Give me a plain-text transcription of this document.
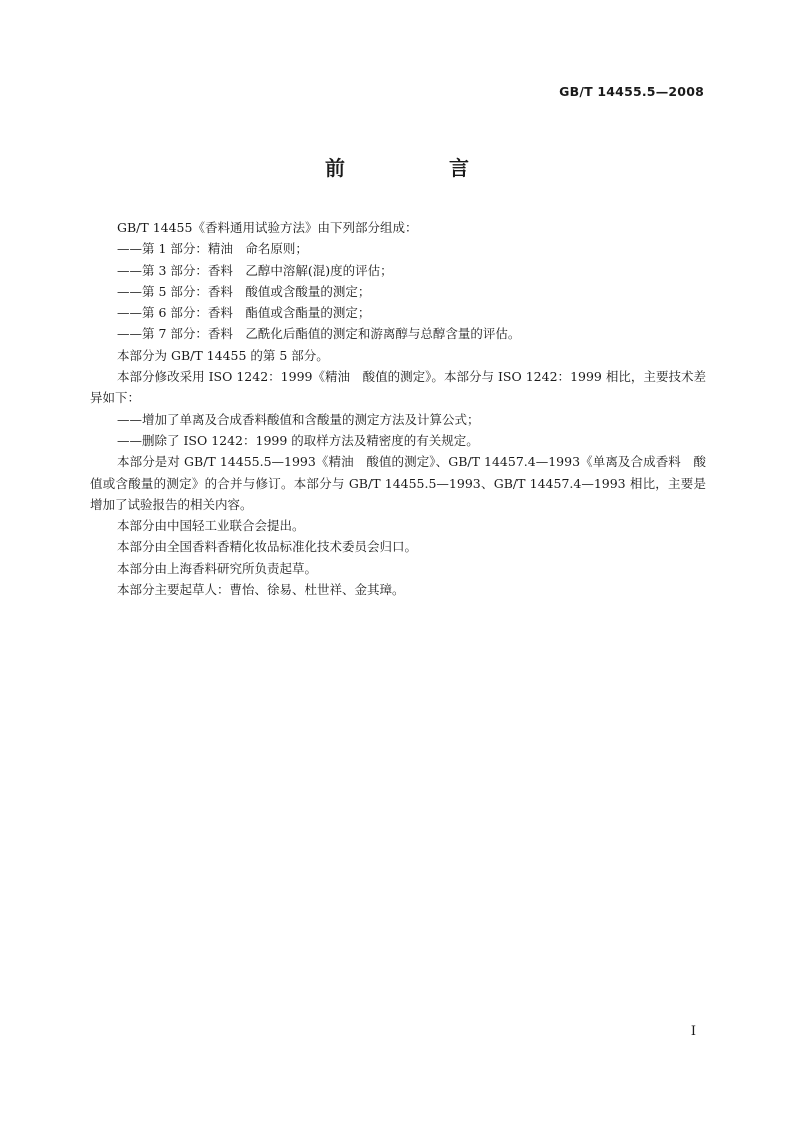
GB/T 14455.5—2008
前　言

GB/T 14455《香料通用试验方法》由下列部分组成：

——第 1 部分：精油　命名原则；

——第 3 部分：香料　乙醇中溶解(混)度的评估；

——第 5 部分：香料　酸值或含酸量的测定；

——第 6 部分：香料　酯值或含酯量的测定；

——第 7 部分：香料　乙酰化后酯值的测定和游离醇与总醇含量的评估。

本部分为 GB/T 14455 的第 5 部分。

本部分修改采用 ISO 1242：1999《精油　酸值的测定》。本部分与 ISO 1242：1999 相比，主要技术差异如下：

——增加了单离及合成香料酸值和含酸量的测定方法及计算公式；

——删除了 ISO 1242：1999 的取样方法及精密度的有关规定。

本部分是对 GB/T 14455.5—1993《精油　酸值的测定》、GB/T 14457.4—1993《单离及合成香料　酸值或含酸量的测定》的合并与修订。本部分与 GB/T 14455.5—1993、GB/T 14457.4—1993 相比，主要是增加了试验报告的相关内容。

本部分由中国轻工业联合会提出。

本部分由全国香料香精化妆品标准化技术委员会归口。

本部分由上海香料研究所负责起草。

本部分主要起草人：曹怡、徐易、杜世祥、金其璋。

I
